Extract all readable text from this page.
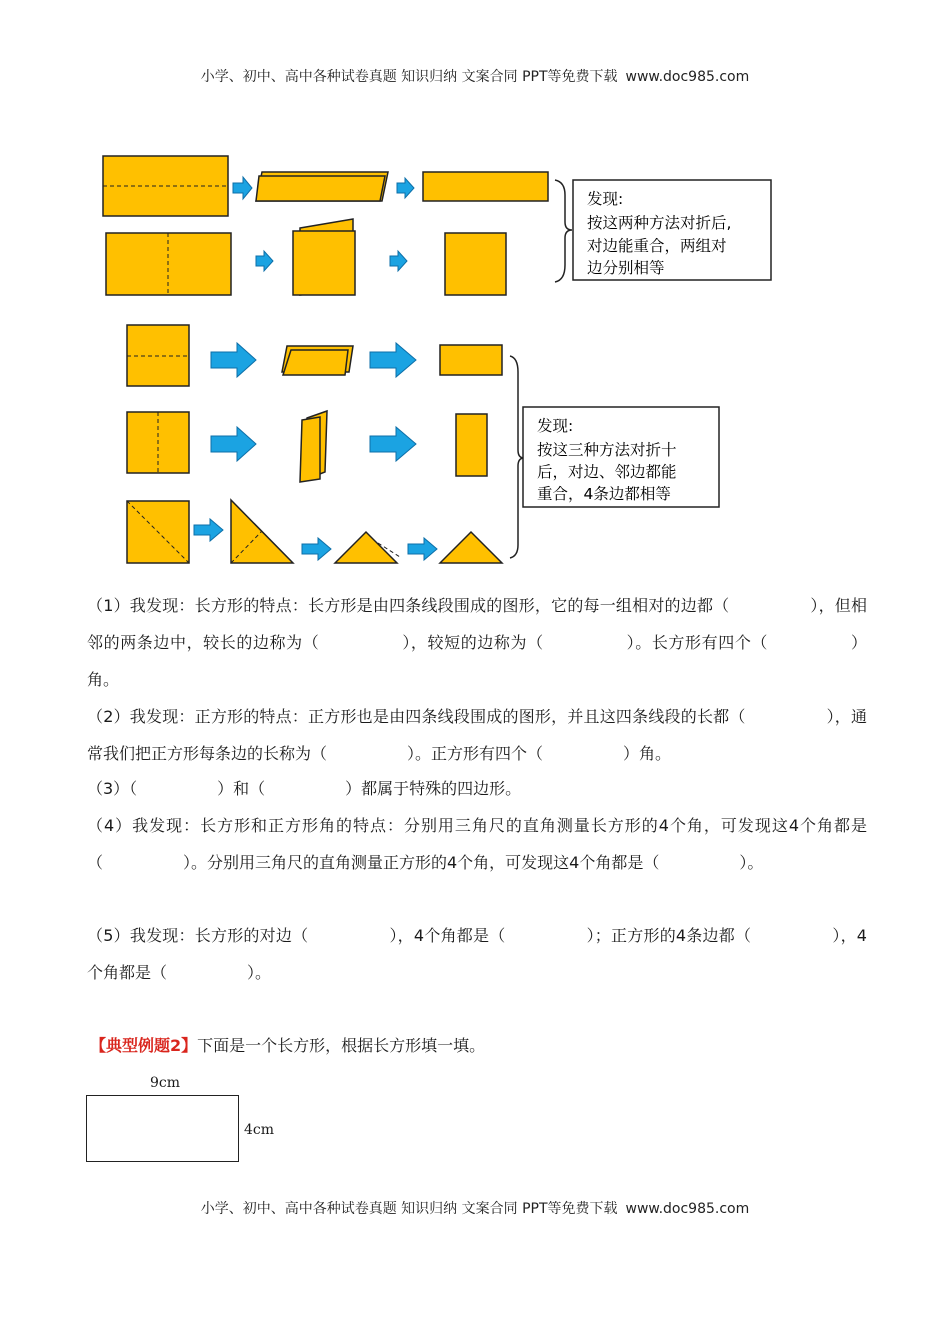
小学、初中、高中各种试卷真题 知识归纳 文案合同 PPT等免费下载 www.doc985.com
发现:
按这两种方法对折后,
对边能重合，两组对
边分别相等
发现:
按这三种方法对折十
后，对边、邻边都能
重合，4条边都相等
（1）我发现：长方形的特点：长方形是由四条线段围成的图形，它的每一组相对的边都（　　　　　），但相邻的两条边中，较长的边称为（　　　　　），较短的边称为（　　　　　）。长方形有四个（　　　　　）角。
（2）我发现：正方形的特点：正方形也是由四条线段围成的图形，并且这四条线段的长都（　　　　　），通常我们把正方形每条边的长称为（　　　　　）。正方形有四个（　　　　　）角。
（3）（　　　　　）和（　　　　　）都属于特殊的四边形。
（4）我发现：长方形和正方形角的特点：分别用三角尺的直角测量长方形的4个角，可发现这4个角都是（　　　　　）。分别用三角尺的直角测量正方形的4个角，可发现这4个角都是（　　　　　）。
（5）我发现：长方形的对边（　　　　　），4个角都是（　　　　　）；正方形的4条边都（　　　　　），4个角都是（　　　　　）。
【典型例题2】下面是一个长方形，根据长方形填一填。
9cm
4cm
小学、初中、高中各种试卷真题 知识归纳 文案合同 PPT等免费下载 www.doc985.com
